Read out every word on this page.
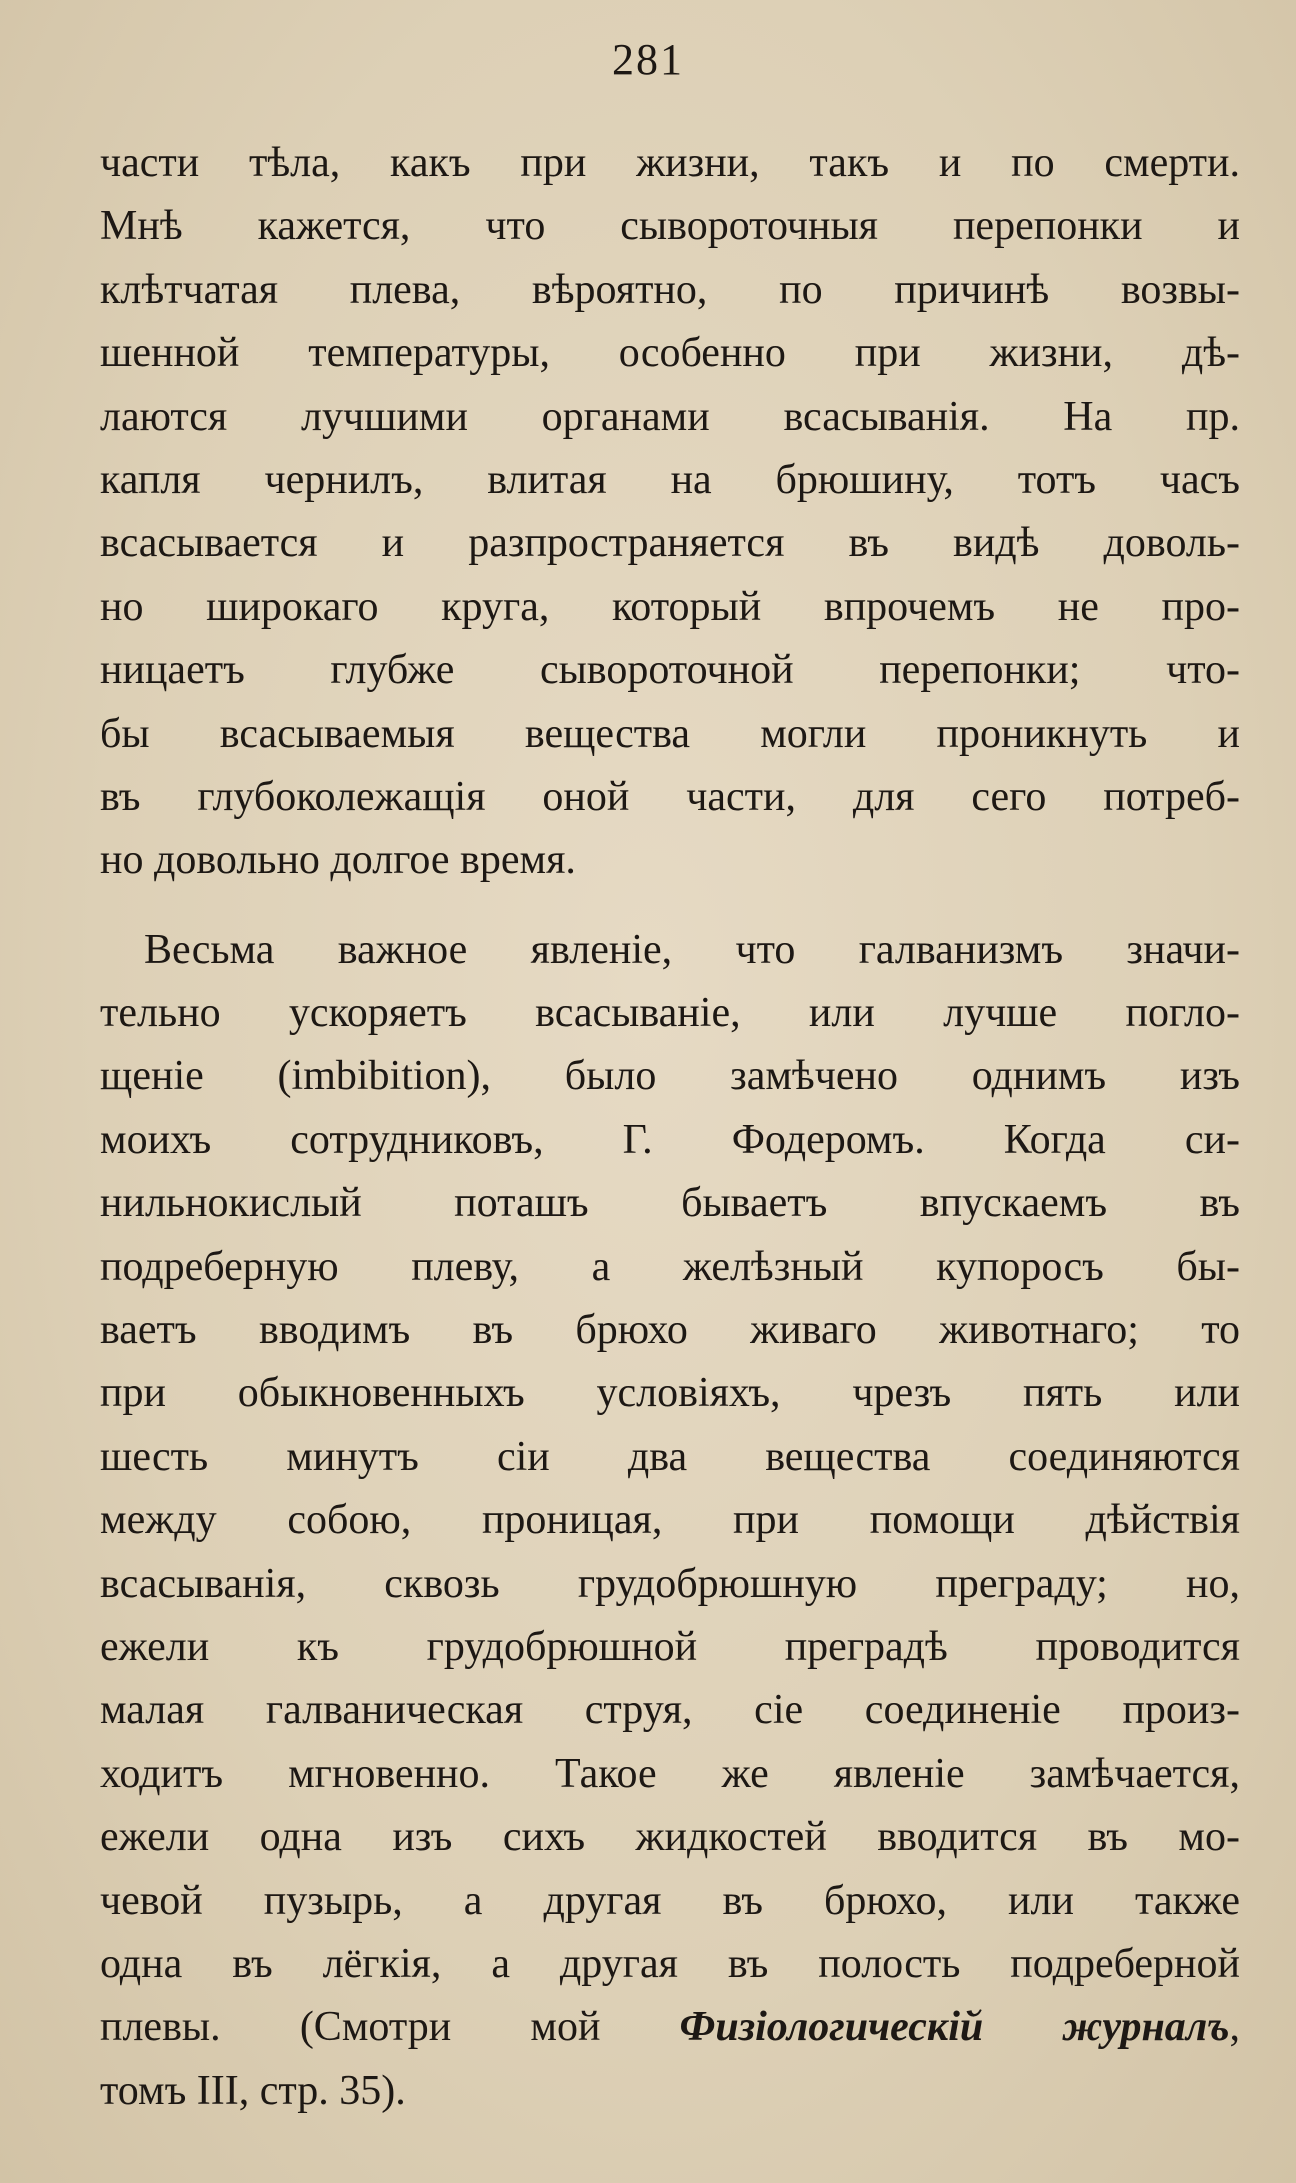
281
части тѣла, какъ при жизни, такъ и по смерти.
Мнѣ кажется, что сывороточныя перепонки и
клѣтчатая плева, вѣроятно, по причинѣ возвы-
шенной температуры, особенно при жизни, дѣ-
лаются лучшими органами всасыванія. На пр.
капля чернилъ, влитая на брюшину, тотъ часъ
всасывается и разпространяется въ видѣ доволь-
но широкаго круга, который впрочемъ не про-
ницаетъ глубже сывороточной перепонки; что-
бы всасываемыя вещества могли проникнуть и
въ глубоколежащія оной части, для сего потреб-
но довольно долгое время.
Весьма важное явленіе, что галванизмъ значи-
тельно ускоряетъ всасываніе, или лучше погло-
щеніе (imbibition), было замѣчено однимъ изъ
моихъ сотрудниковъ, Г. Фодеромъ. Когда си-
нильнокислый поташъ бываетъ впускаемъ въ
подреберную плеву, а желѣзный купоросъ бы-
ваетъ вводимъ въ брюхо живаго животнаго; то
при обыкновенныхъ условіяхъ, чрезъ пять или
шесть минутъ сіи два вещества соединяются
между собою, проницая, при помощи дѣйствія
всасыванія, сквозь грудобрюшную преграду; но,
ежели къ грудобрюшной преградѣ проводится
малая галваническая струя, сіе соединеніе произ-
ходитъ мгновенно. Такое же явленіе замѣчается,
ежели одна изъ сихъ жидкостей вводится въ мо-
чевой пузырь, а другая въ брюхо, или также
одна въ лёгкія, а другая въ полость подреберной
плевы. (Смотри мой Физіологическій журналъ,
томъ III, стр. 35).
